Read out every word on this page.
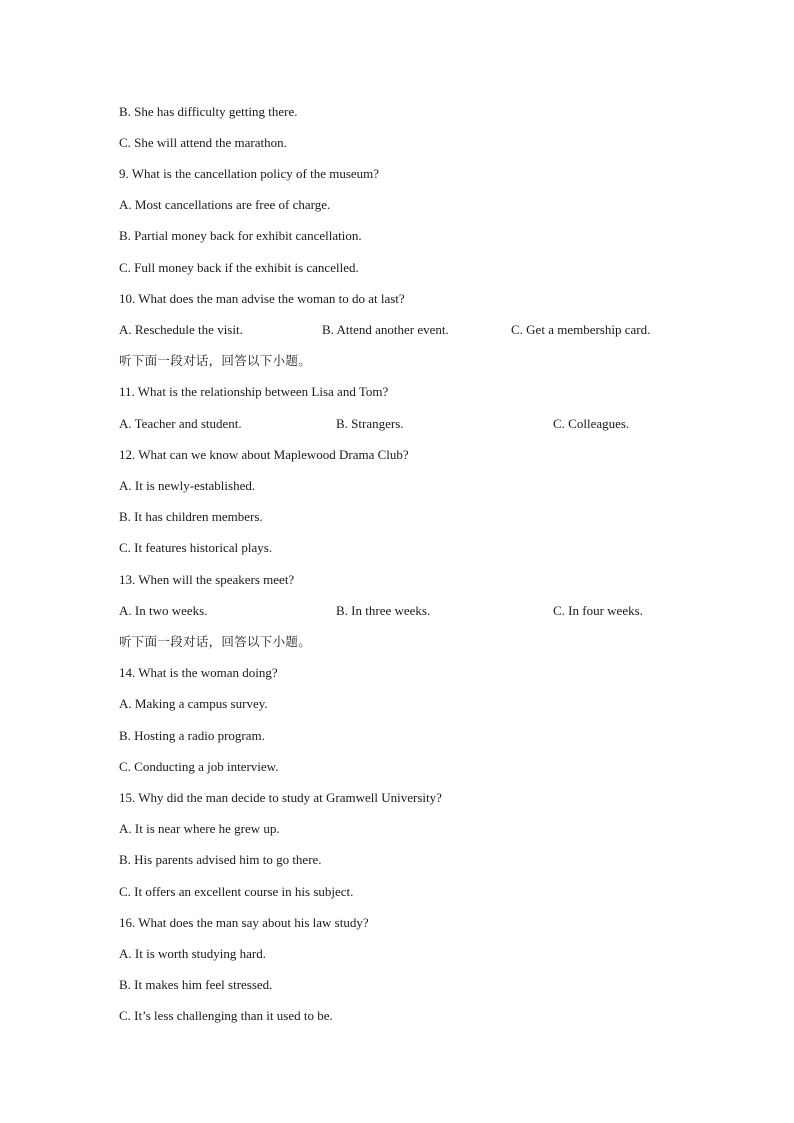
B. She has difficulty getting there.
C. She will attend the marathon.
9. What is the cancellation policy of the museum?
A. Most cancellations are free of charge.
B. Partial money back for exhibit cancellation.
C. Full money back if the exhibit is cancelled.
10. What does the man advise the woman to do at last?
A. Reschedule the visit.	B. Attend another event.	C. Get a membership card.
听下面一段对话，回答以下小题。
11. What is the relationship between Lisa and Tom?
A. Teacher and student.	B. Strangers.	C. Colleagues.
12. What can we know about Maplewood Drama Club?
A. It is newly-established.
B. It has children members.
C. It features historical plays.
13. When will the speakers meet?
A. In two weeks.	B. In three weeks.	C. In four weeks.
听下面一段对话，回答以下小题。
14. What is the woman doing?
A. Making a campus survey.
B. Hosting a radio program.
C. Conducting a job interview.
15. Why did the man decide to study at Gramwell University?
A. It is near where he grew up.
B. His parents advised him to go there.
C. It offers an excellent course in his subject.
16. What does the man say about his law study?
A. It is worth studying hard.
B. It makes him feel stressed.
C. It’s less challenging than it used to be.
